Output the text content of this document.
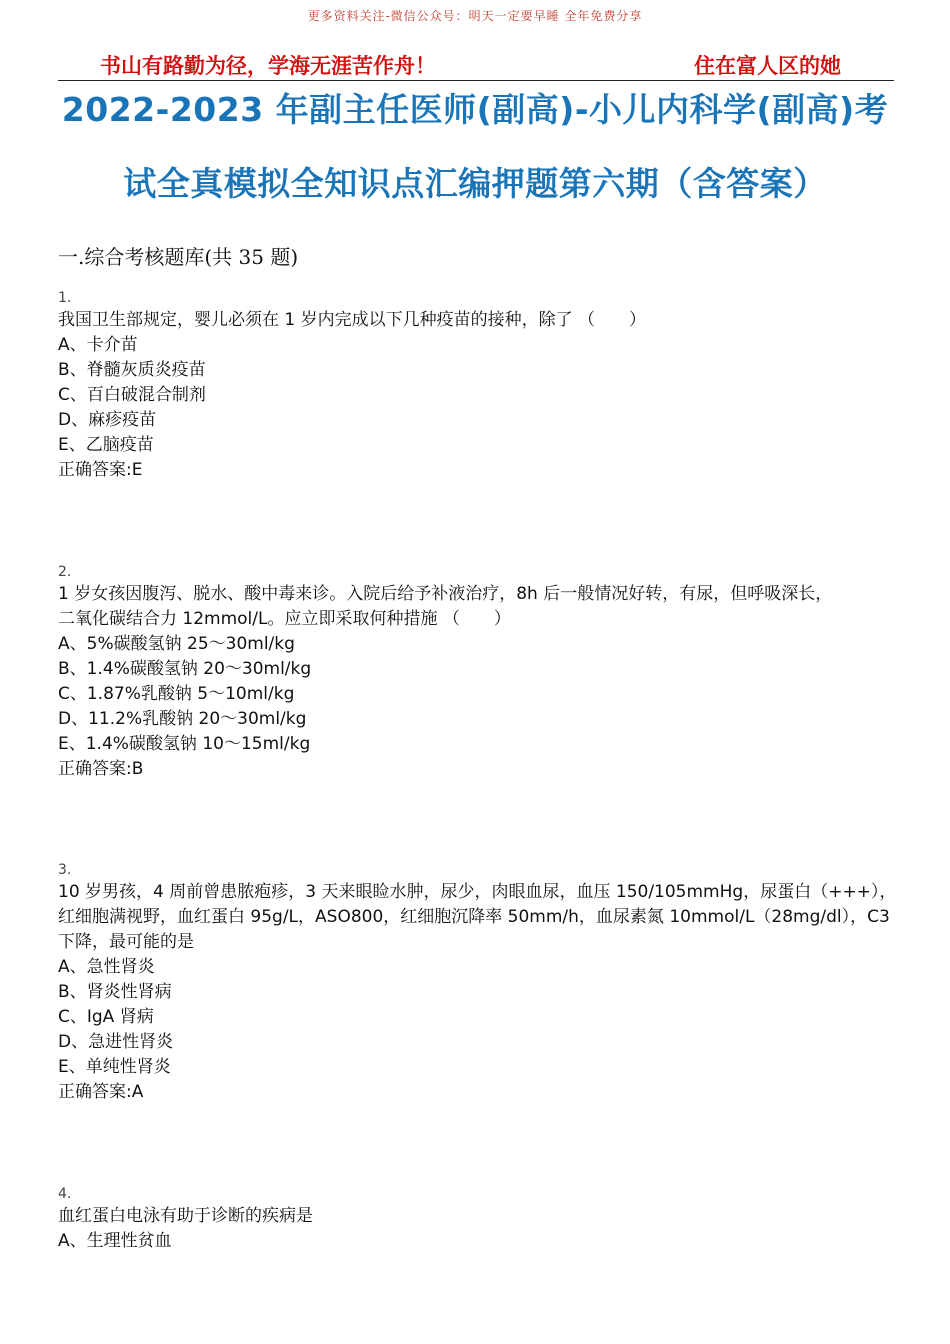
更多资料关注-微信公众号：明天一定要早睡 全年免费分享
书山有路勤为径，学海无涯苦作舟！	住在富人区的她
2022-2023 年副主任医师(副高)-小儿内科学(副高)考
试全真模拟全知识点汇编押题第六期（含答案）
一.综合考核题库(共 35 题)
1.
我国卫生部规定，婴儿必须在 1 岁内完成以下几种疫苗的接种，除了 （　　）
A、卡介苗
B、脊髓灰质炎疫苗
C、百白破混合制剂
D、麻疹疫苗
E、乙脑疫苗
正确答案:E
2.
1 岁女孩因腹泻、脱水、酸中毒来诊。入院后给予补液治疗，8h 后一般情况好转，有尿，但呼吸深长，
二氧化碳结合力 12mmol/L。应立即采取何种措施 （　　）
A、5%碳酸氢钠 25～30ml/kg
B、1.4%碳酸氢钠 20～30ml/kg
C、1.87%乳酸钠 5～10ml/kg
D、11.2%乳酸钠 20～30ml/kg
E、1.4%碳酸氢钠 10～15ml/kg
正确答案:B
3.
10 岁男孩，4 周前曾患脓疱疹，3 天来眼睑水肿，尿少，肉眼血尿，血压 150/105mmHg，尿蛋白（+++），
红细胞满视野，血红蛋白 95g/L，ASO800，红细胞沉降率 50mm/h，血尿素氮 10mmol/L（28mg/dl），C3
下降，最可能的是
A、急性肾炎
B、肾炎性肾病
C、IgA 肾病
D、急进性肾炎
E、单纯性肾炎
正确答案:A
4.
血红蛋白电泳有助于诊断的疾病是
A、生理性贫血
